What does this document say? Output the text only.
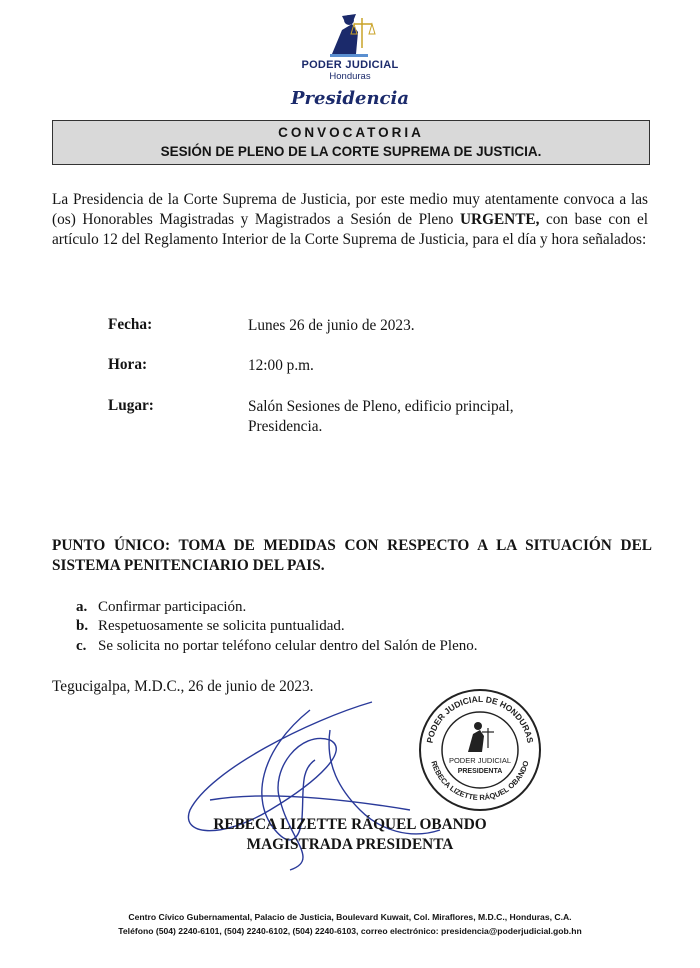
PODER JUDICIAL
Honduras
Presidencia
CONVOCATORIA
SESIÓN DE PLENO DE LA CORTE SUPREMA DE JUSTICIA.
La Presidencia de la Corte Suprema de Justicia, por este medio muy atentamente convoca a las (os) Honorables Magistradas y Magistrados a Sesión de Pleno URGENTE, con base con el artículo 12 del Reglamento Interior de la Corte Suprema de Justicia, para el día y hora señalados:
Fecha:	Lunes 26 de junio de 2023.
Hora:	12:00 p.m.
Lugar:	Salón Sesiones de Pleno, edificio principal, Presidencia.
PUNTO ÚNICO: TOMA DE MEDIDAS CON RESPECTO A LA SITUACIÓN DEL SISTEMA PENITENCIARIO DEL PAIS.
a. Confirmar participación.
b. Respetuosamente se solicita puntualidad.
c. Se solicita no portar teléfono celular dentro del Salón de Pleno.
Tegucigalpa, M.D.C., 26 de junio de 2023.
PODER JUDICIAL DE HONDURAS
REBECA LIZETTE RÁQUEL OBANDO
PODER JUDICIAL
PRESIDENTA
REBECA LIZETTE RÁQUEL OBANDO
MAGISTRADA PRESIDENTA
Centro Cívico Gubernamental, Palacio de Justicia, Boulevard Kuwait, Col. Miraflores, M.D.C., Honduras, C.A.
Teléfono (504) 2240-6101, (504) 2240-6102, (504) 2240-6103, correo electrónico: presidencia@poderjudicial.gob.hn
